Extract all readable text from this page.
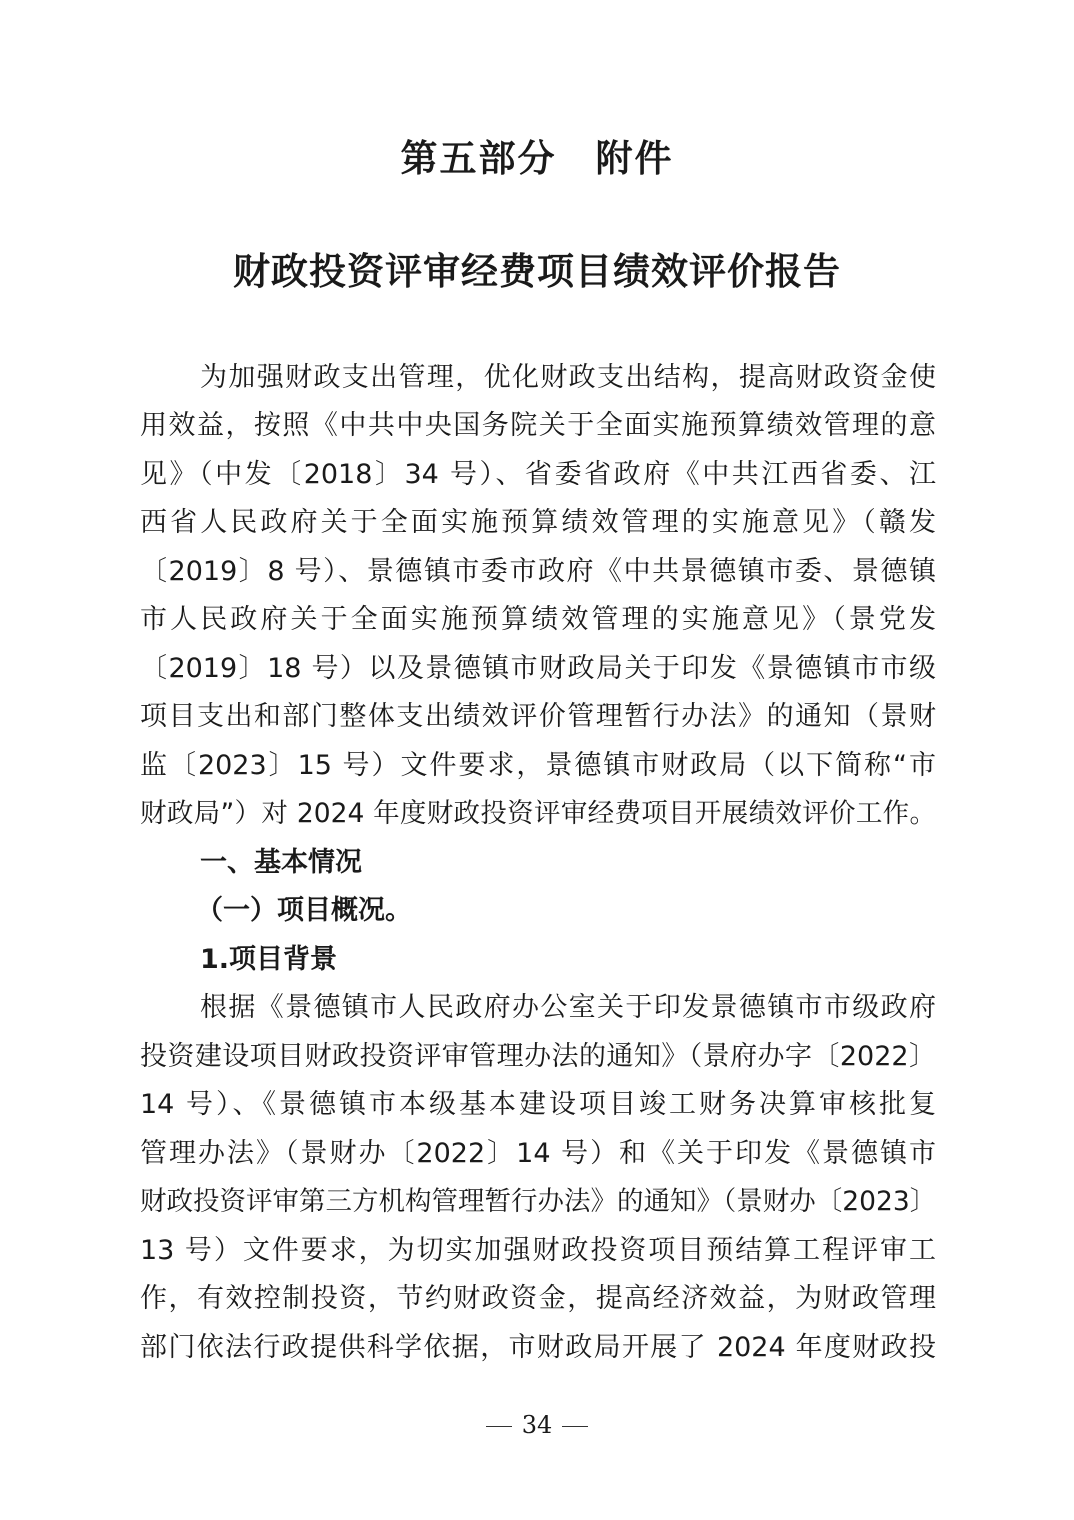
第五部分　附件
财政投资评审经费项目绩效评价报告
为加强财政支出管理，优化财政支出结构，提高财政资金使
用效益，按照《中共中央国务院关于全面实施预算绩效管理的意
见》（中发〔2018〕34 号）、省委省政府《中共江西省委、江
西省人民政府关于全面实施预算绩效管理的实施意见》（赣发
〔2019〕8 号）、景德镇市委市政府《中共景德镇市委、景德镇
市人民政府关于全面实施预算绩效管理的实施意见》（景党发
〔2019〕18 号）以及景德镇市财政局关于印发《景德镇市市级
项目支出和部门整体支出绩效评价管理暂行办法》的通知（景财
监〔2023〕15 号）文件要求，景德镇市财政局（以下简称“市
财政局”）对 2024 年度财政投资评审经费项目开展绩效评价工作。
一、基本情况
（一）项目概况。
1.项目背景
根据《景德镇市人民政府办公室关于印发景德镇市市级政府
投资建设项目财政投资评审管理办法的通知》（景府办字〔2022〕
14 号）、《景德镇市本级基本建设项目竣工财务决算审核批复
管理办法》（景财办〔2022〕14 号）和《关于印发《景德镇市
财政投资评审第三方机构管理暂行办法》的通知》（景财办〔2023〕
13 号）文件要求，为切实加强财政投资项目预结算工程评审工
作，有效控制投资，节约财政资金，提高经济效益，为财政管理
部门依法行政提供科学依据，市财政局开展了 2024 年度财政投
34
